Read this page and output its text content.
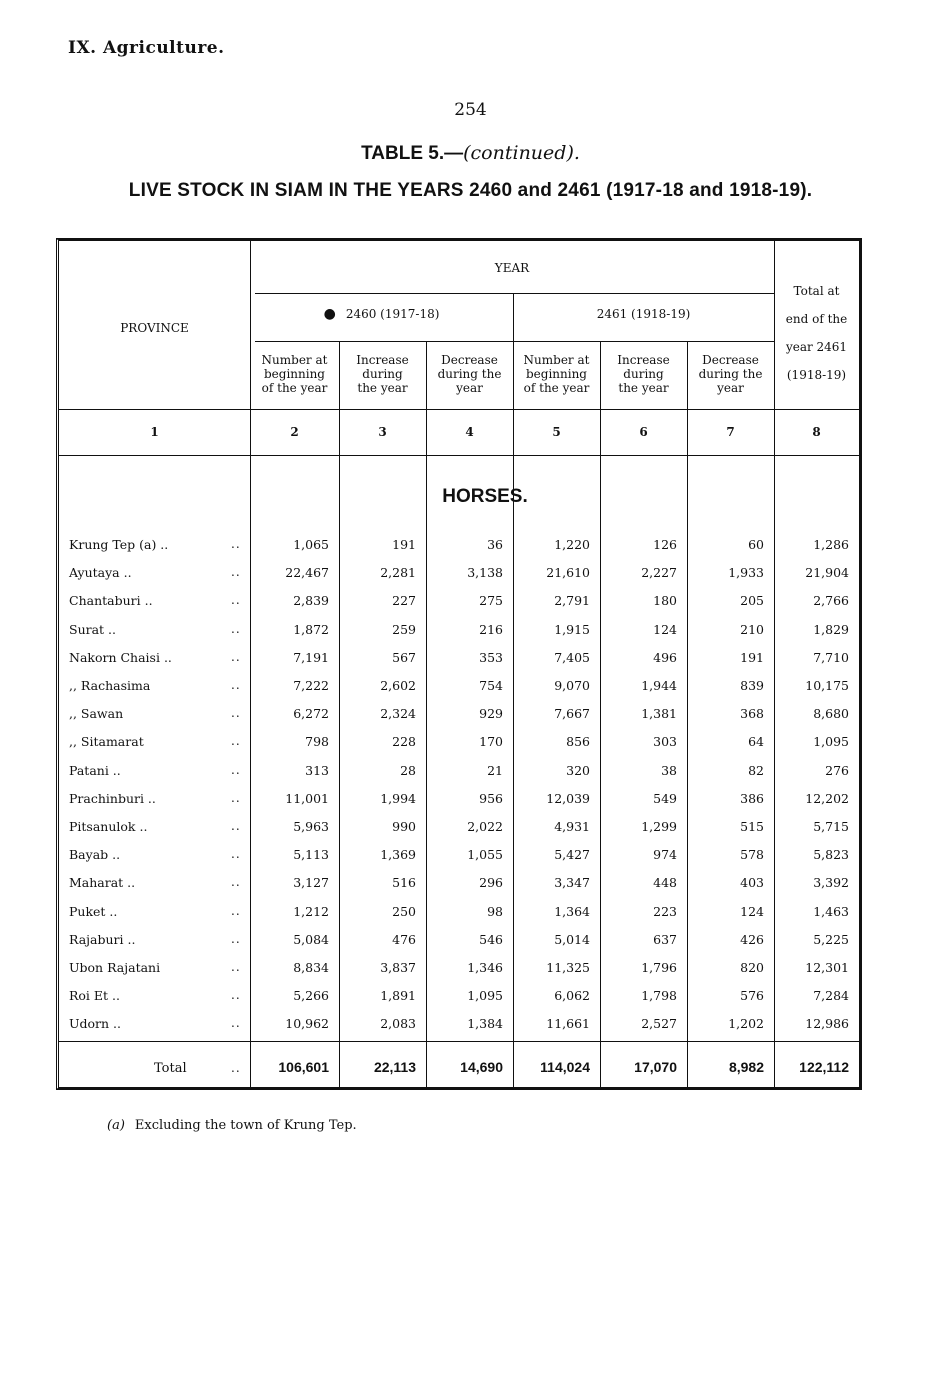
IX. Agriculture.
254
TABLE 5.—(continued).
LIVE STOCK IN SIAM IN THE YEARS 2460 and 2461 (1917-18 and 1918-19).
PROVINCE
YEAR
● 2460 (1917-18)	2461 (1918-19)
Total at
end of the
year 2461
(1918-19)
Number at
beginning
of the year
Increase
during
the year
Decrease
during the
year
Number at
beginning
of the year
Increase
during
the year
Decrease
during the
year
1	2	3	4	5	6	7	8
HORSES.
Krung Tep (a) ..	..	1,065	191	36	1,220	126	60	1,286
Ayutaya ..	..	22,467	2,281	3,138	21,610	2,227	1,933	21,904
Chantaburi ..	..	2,839	227	275	2,791	180	205	2,766
Surat ..	..	1,872	259	216	1,915	124	210	1,829
Nakorn Chaisi ..	..	7,191	567	353	7,405	496	191	7,710
,, Rachasima	..	7,222	2,602	754	9,070	1,944	839	10,175
,, Sawan	..	6,272	2,324	929	7,667	1,381	368	8,680
,, Sitamarat	..	798	228	170	856	303	64	1,095
Patani ..	..	313	28	21	320	38	82	276
Prachinburi ..	..	11,001	1,994	956	12,039	549	386	12,202
Pitsanulok ..	..	5,963	990	2,022	4,931	1,299	515	5,715
Bayab ..	..	5,113	1,369	1,055	5,427	974	578	5,823
Maharat ..	..	3,127	516	296	3,347	448	403	3,392
Puket ..	..	1,212	250	98	1,364	223	124	1,463
Rajaburi ..	..	5,084	476	546	5,014	637	426	5,225
Ubon Rajatani	..	8,834	3,837	1,346	11,325	1,796	820	12,301
Roi Et ..	..	5,266	1,891	1,095	6,062	1,798	576	7,284
Udorn ..	..	10,962	2,083	1,384	11,661	2,527	1,202	12,986
Total	..	106,601	22,113	14,690	114,024	17,070	8,982	122,112
(a) Excluding the town of Krung Tep.
